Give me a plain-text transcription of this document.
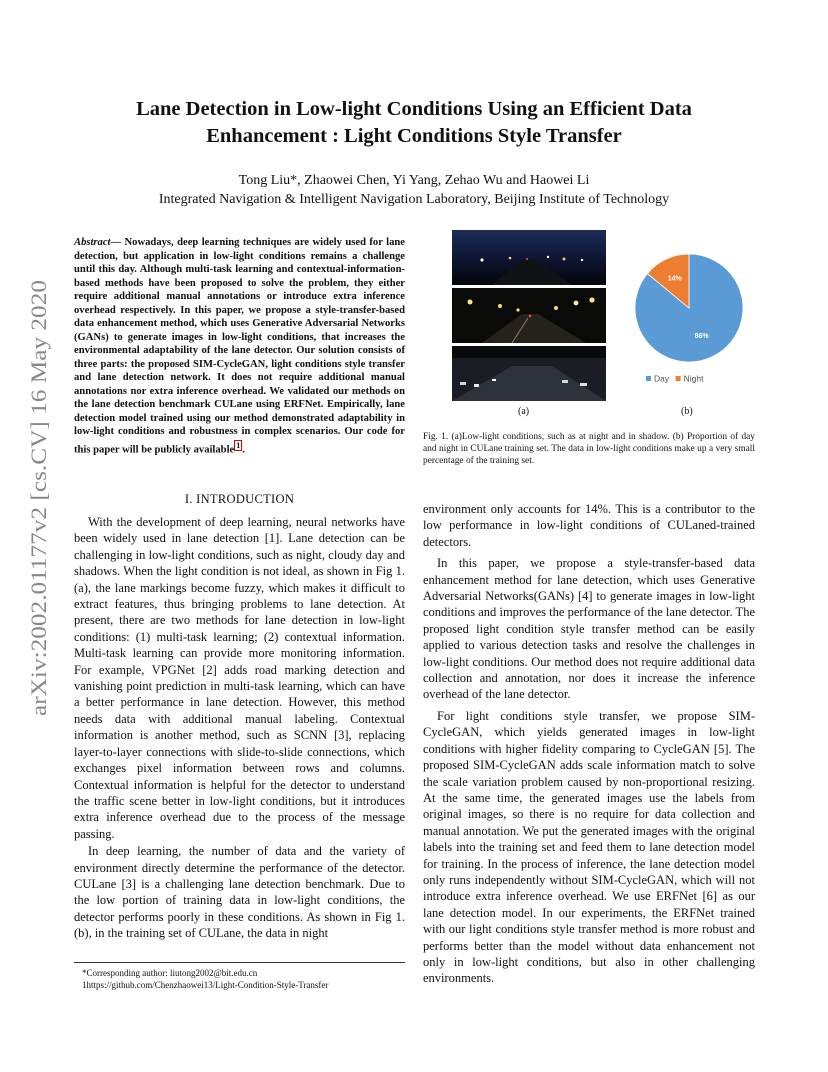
arXiv:2002.01177v2 [cs.CV] 16 May 2020
Lane Detection in Low-light Conditions Using an Efficient Data
Enhancement : Light Conditions Style Transfer
Tong Liu*, Zhaowei Chen, Yi Yang, Zehao Wu and Haowei Li
Integrated Navigation & Intelligent Navigation Laboratory, Beijing Institute of Technology
Abstract— Nowadays, deep learning techniques are widely used for lane detection, but application in low-light conditions remains a challenge until this day. Although multi-task learning and contextual-information-based methods have been proposed to solve the problem, they either require additional manual annotations or introduce extra inference overhead respectively. In this paper, we propose a style-transfer-based data enhancement method, which uses Generative Adversarial Networks (GANs) to generate images in low-light conditions, that increases the environmental adaptability of the lane detector. Our solution consists of three parts: the proposed SIM-CycleGAN, light conditions style transfer and lane detection network. It does not require additional manual annotations nor extra inference overhead. We validated our methods on the lane detection benchmark CULane using ERFNet. Empirically, lane detection model trained using our method demonstrated adaptability in low-light conditions and robustness in complex scenarios. Our code for this paper will be publicly available $^1$ .
I. INTRODUCTION

With the development of deep learning, neural networks have been widely used in lane detection [1]. Lane detection can be challenging in low-light conditions, such as night, cloudy day and shadows. When the light condition is not ideal, as shown in Fig 1. (a), the lane markings become fuzzy, which makes it difficult to extract features, thus bringing problems to lane detection. At present, there are two methods for lane detection in low-light conditions: (1) multi-task learning; (2) contextual information. Multi-task learning can provide more monitoring information. For example, VPGNet [2] adds road marking detection and vanishing point prediction in multi-task learning, which can have a better performance in lane detection. However, this method needs data with additional manual labeling. Contextual information is another method, such as SCNN [3], replacing layer-to-layer connections with slide-to-slide connections, which exchanges pixel information between rows and columns. Contextual information is helpful for the detector to understand the traffic scene better in low-light conditions, but it introduces extra inference overhead due to the process of the message passing.

In deep learning, the number of data and the variety of environment directly determine the performance of the detector. CULane [3] is a challenging lane detection benchmark. Due to the low portion of training data in low-light conditions, the detector performs poorly in these conditions. As shown in Fig 1.(b), in the training set of CULane, the data in night

*Corresponding author: liutong2002@bit.edu.cn
1https://github.com/Chenzhaowei13/Light-Condition-Style-Transfer
86%
14%
Day Night
(a)	(b)
Fig. 1. (a)Low-light conditions, such as at night and in shadow. (b) Proportion of day and night in CULane training set. The data in low-light conditions make up a very small percentage of the training set.

environment only accounts for 14%. This is a contributor to the low performance in low-light conditions of CULaned-trained detectors.

In this paper, we propose a style-transfer-based data enhancement method for lane detection, which uses Generative Adversarial Networks(GANs) [4] to generate images in low-light conditions and improves the performance of the lane detector. The proposed light condition style transfer method can be easily applied to various detection tasks and resolve the challenges in low-light conditions. Our method does not require additional data collection and annotation, nor does it increase the inference overhead of the lane detector.

For light conditions style transfer, we propose SIM-CycleGAN, which yields generated images in low-light conditions with higher fidelity comparing to CycleGAN [5]. The proposed SIM-CycleGAN adds scale information match to solve the scale variation problem caused by non-proportional resizing. At the same time, the generated images use the labels from original images, so there is no require for data collection and manual annotation. We put the generated images with the original labels into the training set and feed them to lane detection model for training. In the process of inference, the lane detection model only runs independently without SIM-CycleGAN, which will not introduce extra inference overhead. We use ERFNet [6] as our lane detection model. In our experiments, the ERFNet trained with our light conditions style transfer method is more robust and performs better than the model without data enhancement not only in low-light conditions, but also in other challenging environments.
